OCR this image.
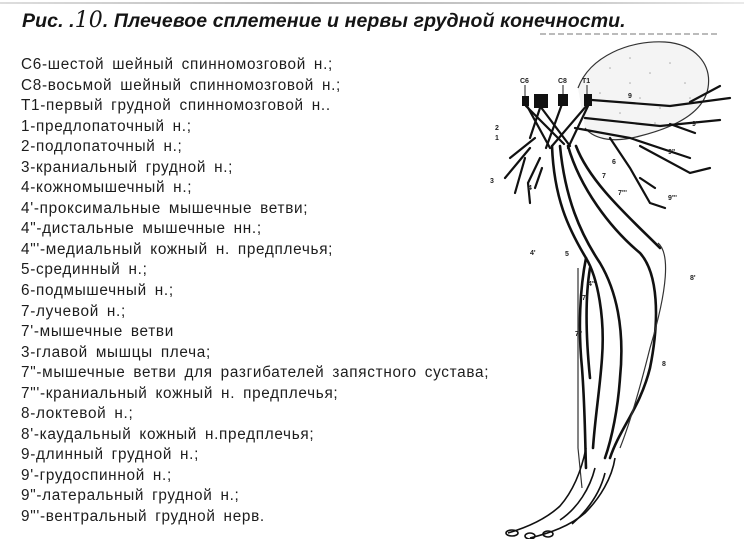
Рис. .10. Плечевое сплетение и нервы грудной конечности.
C6-шестой шейный спинномозговой н.;
C8-восьмой шейный спинномозговой н.;
T1-первый грудной спинномозговой н..
1-предлопаточный н.;
2-подлопаточный н.;
3-краниальный грудной н.;
4-кожномышечный н.;
4'-проксимальные мышечные ветви;
4"-дистальные мышечные нн.;
4"'-медиальный кожный н. предплечья;
5-срединный н.;
6-подмышечный н.;
7-лучевой н.;
7'-мышечные ветви
3-главой мышцы плеча;
7"-мышечные ветви для разгибателей запястного сустава;
7"'-краниальный кожный н. предплечья;
8-локтевой н.;
8'-каудальный кожный н.предплечья;
9-длинный грудной н.;
9'-грудоспинной н.;
9"-латеральный грудной н.;
9"'-вентральный грудной нерв.
C6	C8 T1
2
1
3
4
4'	5
6
7
4"
7'
7"
7"'
8
8'
9
9'
9"
9"'
